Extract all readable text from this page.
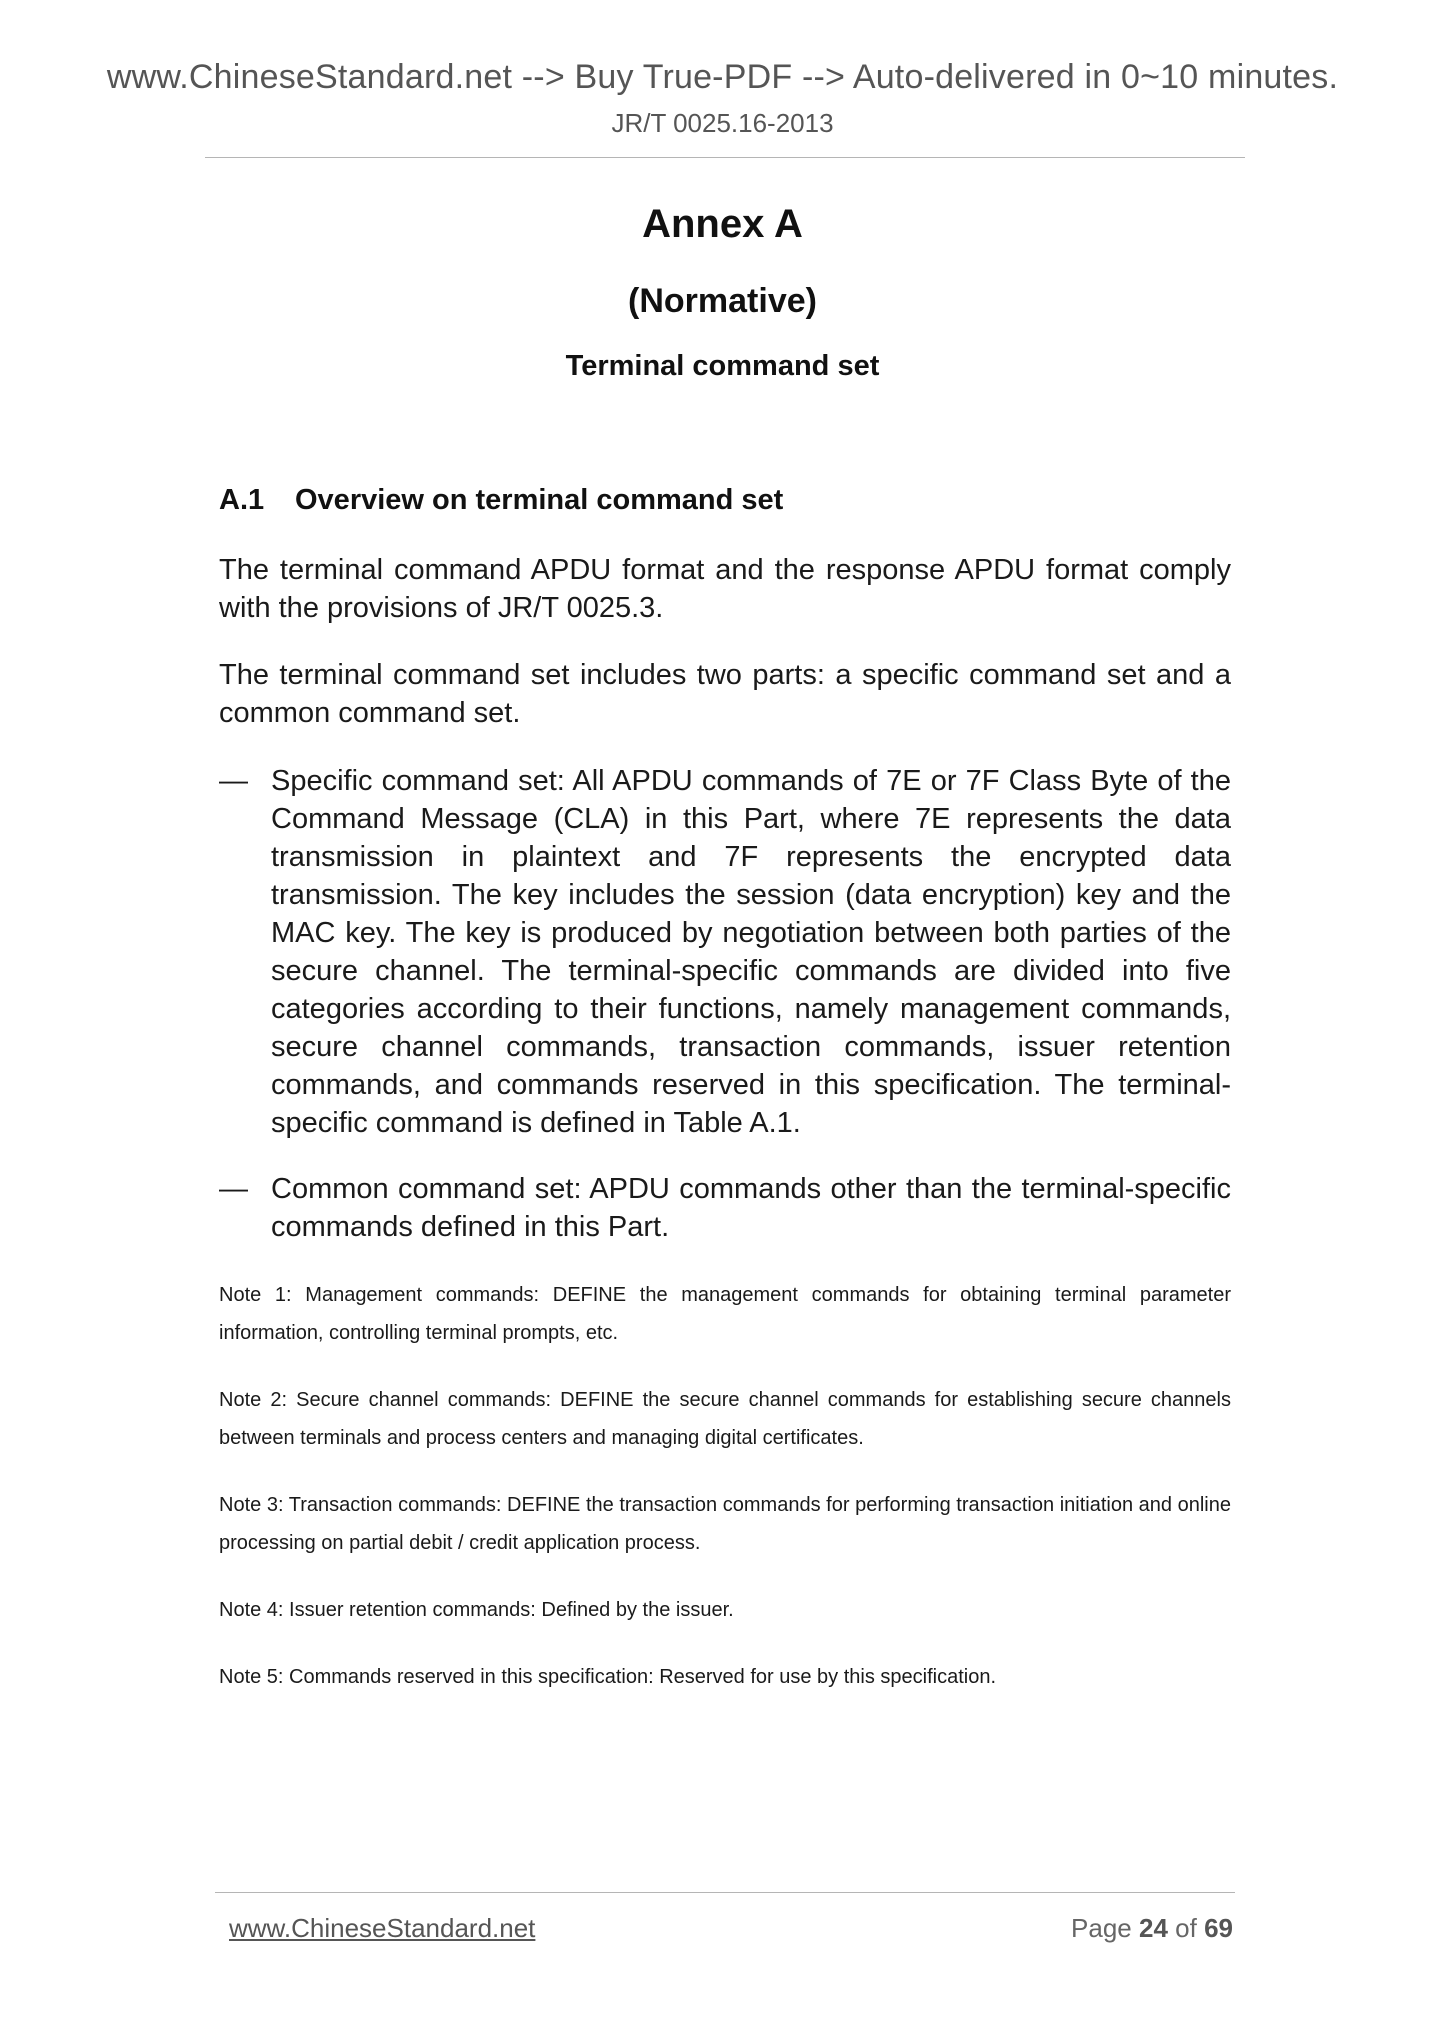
www.ChineseStandard.net --> Buy True-PDF --> Auto-delivered in 0~10 minutes.
JR/T 0025.16-2013
Annex A
(Normative)
Terminal command set
A.1 Overview on terminal command set
The terminal command APDU format and the response APDU format comply with the provisions of JR/T 0025.3.
The terminal command set includes two parts: a specific command set and a common command set.
— Specific command set: All APDU commands of 7E or 7F Class Byte of the Command Message (CLA) in this Part, where 7E represents the data transmission in plaintext and 7F represents the encrypted data transmission. The key includes the session (data encryption) key and the MAC key. The key is produced by negotiation between both parties of the secure channel. The terminal-specific commands are divided into five categories according to their functions, namely management commands, secure channel commands, transaction commands, issuer retention commands, and commands reserved in this specification. The terminal-specific command is defined in Table A.1.
— Common command set: APDU commands other than the terminal-specific commands defined in this Part.
Note 1: Management commands: DEFINE the management commands for obtaining terminal parameter information, controlling terminal prompts, etc.
Note 2: Secure channel commands: DEFINE the secure channel commands for establishing secure channels between terminals and process centers and managing digital certificates.
Note 3: Transaction commands: DEFINE the transaction commands for performing transaction initiation and online processing on partial debit / credit application process.
Note 4: Issuer retention commands: Defined by the issuer.
Note 5: Commands reserved in this specification: Reserved for use by this specification.
www.ChineseStandard.net	Page 24 of 69
